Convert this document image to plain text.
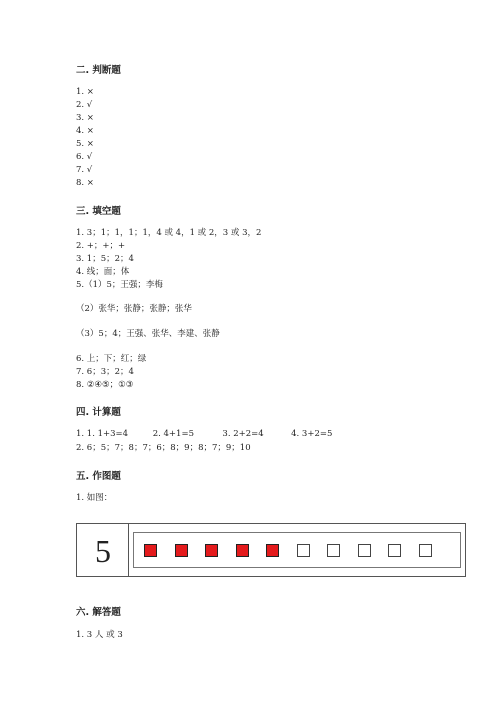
二. 判断题
1. ×
2. √
3. ×
4. ×
5. ×
6. √
7. √
8. ×
三. 填空题
1. 3；1；1，1；1，4 或 4，1 或 2，3 或 3，2
2. +；+；+
3. 1；5；2；4
4. 线；面；体
5.（1）5；王强；李梅
（2）张华；张静；张静；张华
（3）5；4；王强、张华、李建、张静
6. 上；下；红；绿
7. 6；3；2；4
8. ②④⑤；①③
四. 计算题
1. 1. 1+3=4	2. 4+1=5	3. 2+2=4	4. 3+2=5
2. 6；5；7；8；7；6；8；9；8；7；9；10
五. 作图题
1. 如图：
5
六. 解答题
1. 3 人 或 3
